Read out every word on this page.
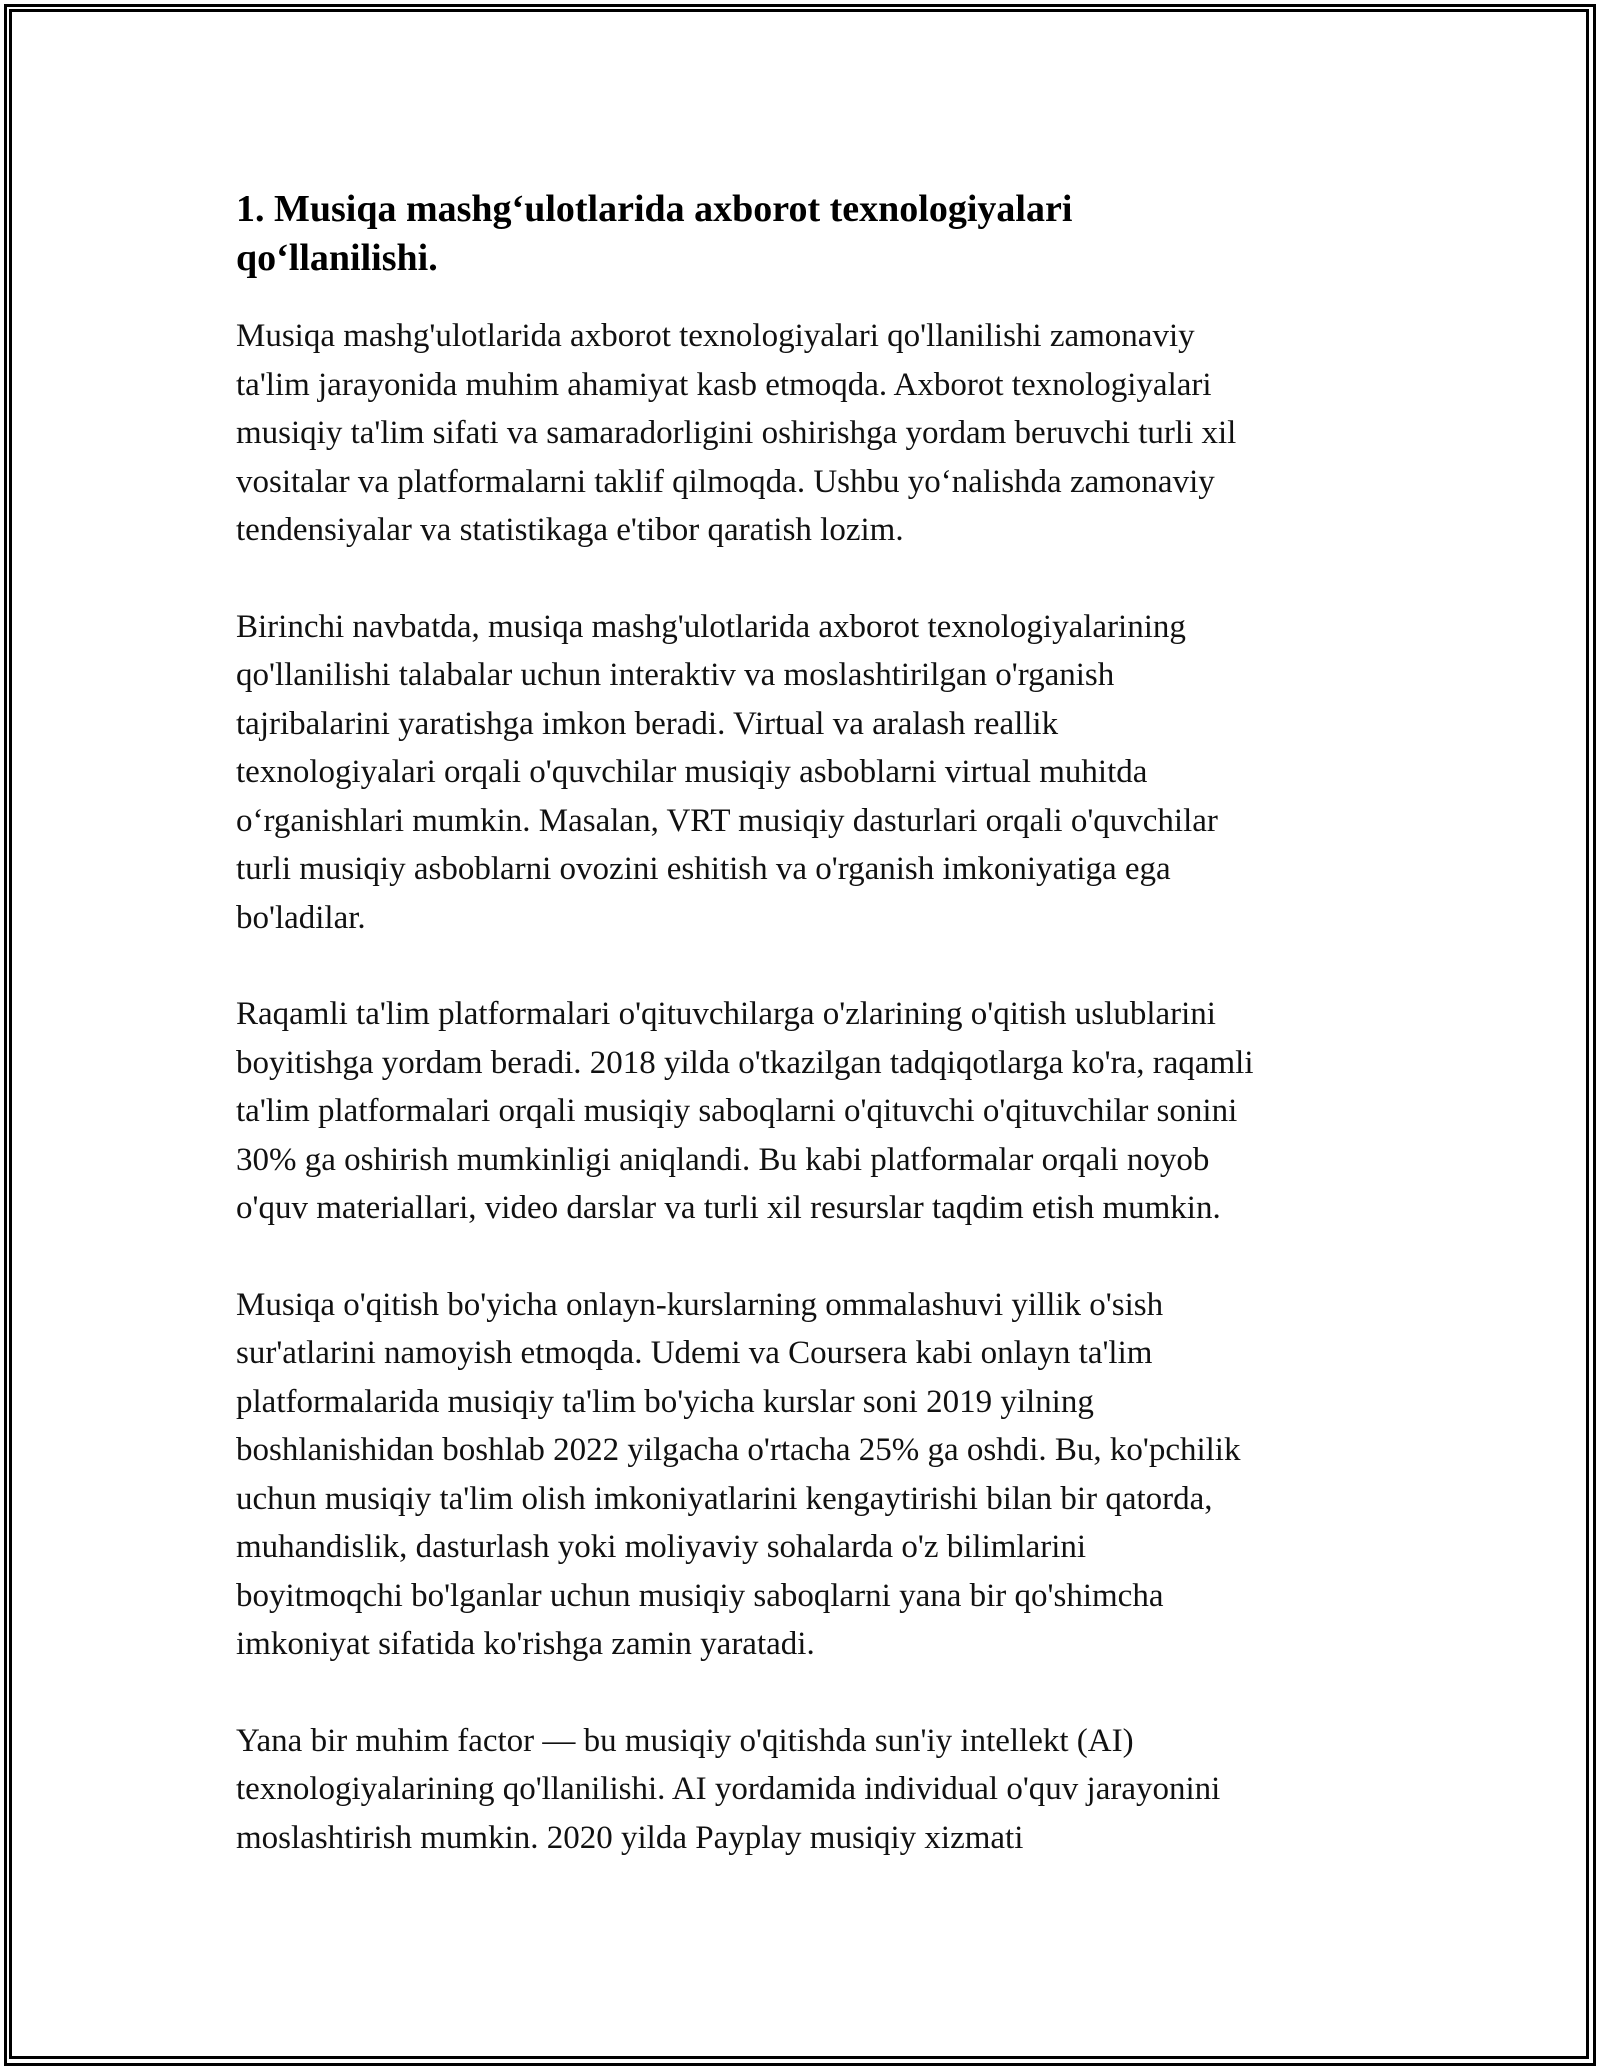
1. Musiqa mashg‘ulotlarida axborot texnologiyalari
qo‘llanilishi.

Musiqa mashg'ulotlarida axborot texnologiyalari qo'llanilishi zamonaviy
ta'lim jarayonida muhim ahamiyat kasb etmoqda. Axborot texnologiyalari
musiqiy ta'lim sifati va samaradorligini oshirishga yordam beruvchi turli xil
vositalar va platformalarni taklif qilmoqda. Ushbu yo‘nalishda zamonaviy
tendensiyalar va statistikaga e'tibor qaratish lozim.

Birinchi navbatda, musiqa mashg'ulotlarida axborot texnologiyalarining
qo'llanilishi talabalar uchun interaktiv va moslashtirilgan o'rganish
tajribalarini yaratishga imkon beradi. Virtual va aralash reallik
texnologiyalari orqali o'quvchilar musiqiy asboblarni virtual muhitda
o‘rganishlari mumkin. Masalan, VRT musiqiy dasturlari orqali o'quvchilar
turli musiqiy asboblarni ovozini eshitish va o'rganish imkoniyatiga ega
bo'ladilar.

Raqamli ta'lim platformalari o'qituvchilarga o'zlarining o'qitish uslublarini
boyitishga yordam beradi. 2018 yilda o'tkazilgan tadqiqotlarga ko'ra, raqamli
ta'lim platformalari orqali musiqiy saboqlarni o'qituvchi o'qituvchilar sonini
30% ga oshirish mumkinligi aniqlandi. Bu kabi platformalar orqali noyob
o'quv materiallari, video darslar va turli xil resurslar taqdim etish mumkin.

Musiqa o'qitish bo'yicha onlayn-kurslarning ommalashuvi yillik o'sish
sur'atlarini namoyish etmoqda. Udemi va Coursera kabi onlayn ta'lim
platformalarida musiqiy ta'lim bo'yicha kurslar soni 2019 yilning
boshlanishidan boshlab 2022 yilgacha o'rtacha 25% ga oshdi. Bu, ko'pchilik
uchun musiqiy ta'lim olish imkoniyatlarini kengaytirishi bilan bir qatorda,
muhandislik, dasturlash yoki moliyaviy sohalarda o'z bilimlarini
boyitmoqchi bo'lganlar uchun musiqiy saboqlarni yana bir qo'shimcha
imkoniyat sifatida ko'rishga zamin yaratadi.

Yana bir muhim factor — bu musiqiy o'qitishda sun'iy intellekt (AI)
texnologiyalarining qo'llanilishi. AI yordamida individual o'quv jarayonini
moslashtirish mumkin. 2020 yilda Payplay musiqiy xizmati
